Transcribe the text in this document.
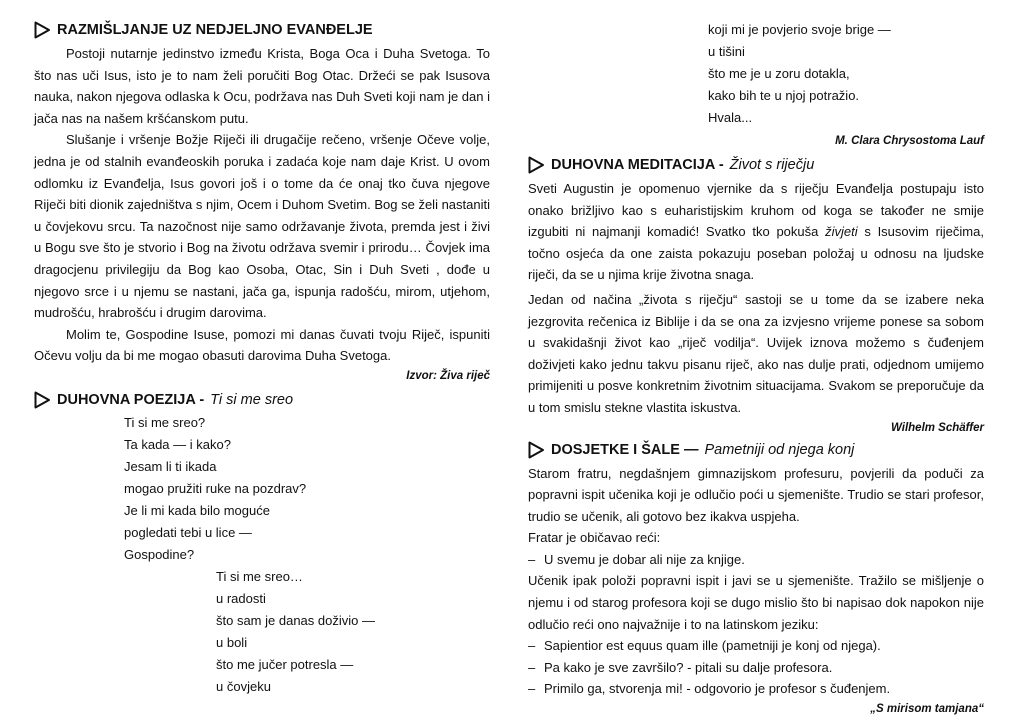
RAZMIŠLJANJE UZ NEDJELJNO EVANĐELJE

Postoji nutarnje jedinstvo između Krista, Boga Oca i Duha Svetoga. To što nas uči Isus, isto je to nam želi poručiti Bog Otac. Držeći se pak Isusova nauka, nakon njegova odlaska k Ocu, podržava nas Duh Sveti koji nam je dan i jača nas na našem kršćanskom putu.

Slušanje i vršenje Božje Riječi ili drugačije rečeno, vršenje Očeve volje, jedna je od stalnih evanđeoskih poruka i zadaća koje nam daje Krist. U ovom odlomku iz Evanđelja, Isus govori još i o tome da će onaj tko čuva njegove Riječi biti dionik zajedništva s njim, Ocem i Duhom Svetim. Bog se želi nastaniti u čovjekovu srcu. Ta nazočnost nije samo održavanje života, premda jest i živi u Bogu sve što je stvorio i Bog na životu održava svemir i prirodu… Čovjek ima dragocjenu privilegiju da Bog kao Osoba, Otac, Sin i Duh Sveti , dođe u njegovo srce i u njemu se nastani, jača ga, ispunja radošću, mirom, utjehom, mudrošću, hrabrošću i drugim darovima.

Molim te, Gospodine Isuse, pomozi mi danas čuvati tvoju Riječ, ispuniti Očevu volju da bi me mogao obasuti darovima Duha Svetoga.

Izvor: Živa riječ
DUHOVNA POEZIJA - Ti si me sreo
Ti si me sreo?
Ta kada — i kako?
Jesam li ti ikada
mogao pružiti ruke na pozdrav?
Je li mi kada bilo moguće
pogledati tebi u lice —
Gospodine?
Ti si me sreo…
u radosti
što sam je danas doživio —
u boli
što me jučer potresla —
u čovjeku
koji mi je povjerio svoje brige —
u tišini
što me je u zoru dotakla,
kako bih te u njoj potražio.
Hvala...
M. Clara Chrysostoma Lauf
DUHOVNA MEDITACIJA - Život s riječju

Sveti Augustin je opomenuo vjernike da s riječju Evanđelja postupaju isto onako brižljivo kao s euharistijskim kruhom od koga se također ne smije izgubiti ni najmanji komadić! Svatko tko pokuša živjeti s Isusovim riječima, točno osjeća da one zaista pokazuju poseban položaj u odnosu na ljudske riječi, da se u njima krije životna snaga.

Jedan od načina „života s riječju“ sastoji se u tome da se izabere neka jezgrovita rečenica iz Biblije i da se ona za izvjesno vrijeme ponese sa sobom u svakidašnji život kao „riječ vodilja“. Uvijek iznova možemo s čuđenjem doživjeti kako jednu takvu pisanu riječ, ako nas dulje prati, odjednom umijemo primijeniti u posve konkretnim životnim situacijama. Svakom se preporučuje da u tom smislu stekne vlastita iskustva.

Wilhelm Schäffer
DOSJETKE I ŠALE — Pametniji od njega konj

Starom fratru, negdašnjem gimnazijskom profesuru, povjerili da poduči za popravni ispit učenika koji je odlučio poći u sjemenište. Trudio se stari profesor, trudio se učenik, ali gotovo bez ikakva uspjeha.

Fratar je običavao reći:

– U svemu je dobar ali nije za knjige.

Učenik ipak položi popravni ispit i javi se u sjemenište. Tražilo se mišljenje o njemu i od starog profesora koji se dugo mislio što bi napisao dok napokon nije odlučio reći ono najvažnije i to na latinskom jeziku:

– Sapientior est equus quam ille (pametniji je konj od njega).
– Pa kako je sve završilo? - pitali su dalje profesora.
– Primilo ga, stvorenja mi! - odgovorio je profesor s čuđenjem.
„S mirisom tamjana“
